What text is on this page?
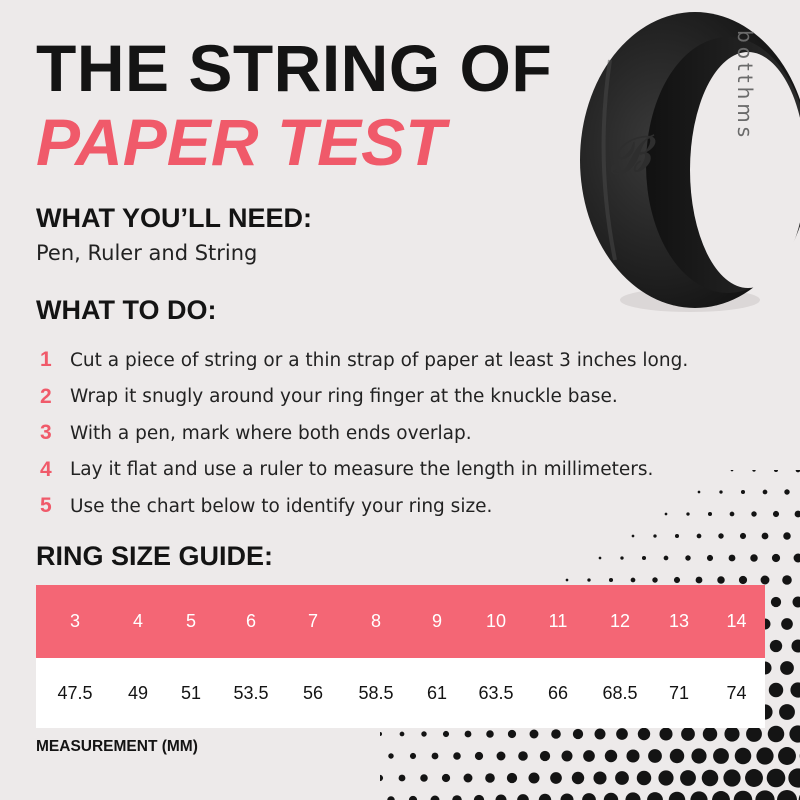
𝓑
botthms
THE STRING OF
PAPER TEST
WHAT YOU’LL NEED:
Pen, Ruler and String
WHAT TO DO:
1 Cut a piece of string or a thin strap of paper at least 3 inches long.
2 Wrap it snugly around your ring finger at the knuckle base.
3 With a pen, mark where both ends overlap.
4 Lay it flat and use a ruler to measure the length in millimeters.
5 Use the chart below to identify your ring size.
RING SIZE GUIDE:
3	4	5	6	7	8	9	10	11	12	13	14
47.5	49	51	53.5	56	58.5	61	63.5	66	68.5	71	74
MEASUREMENT (MM)
